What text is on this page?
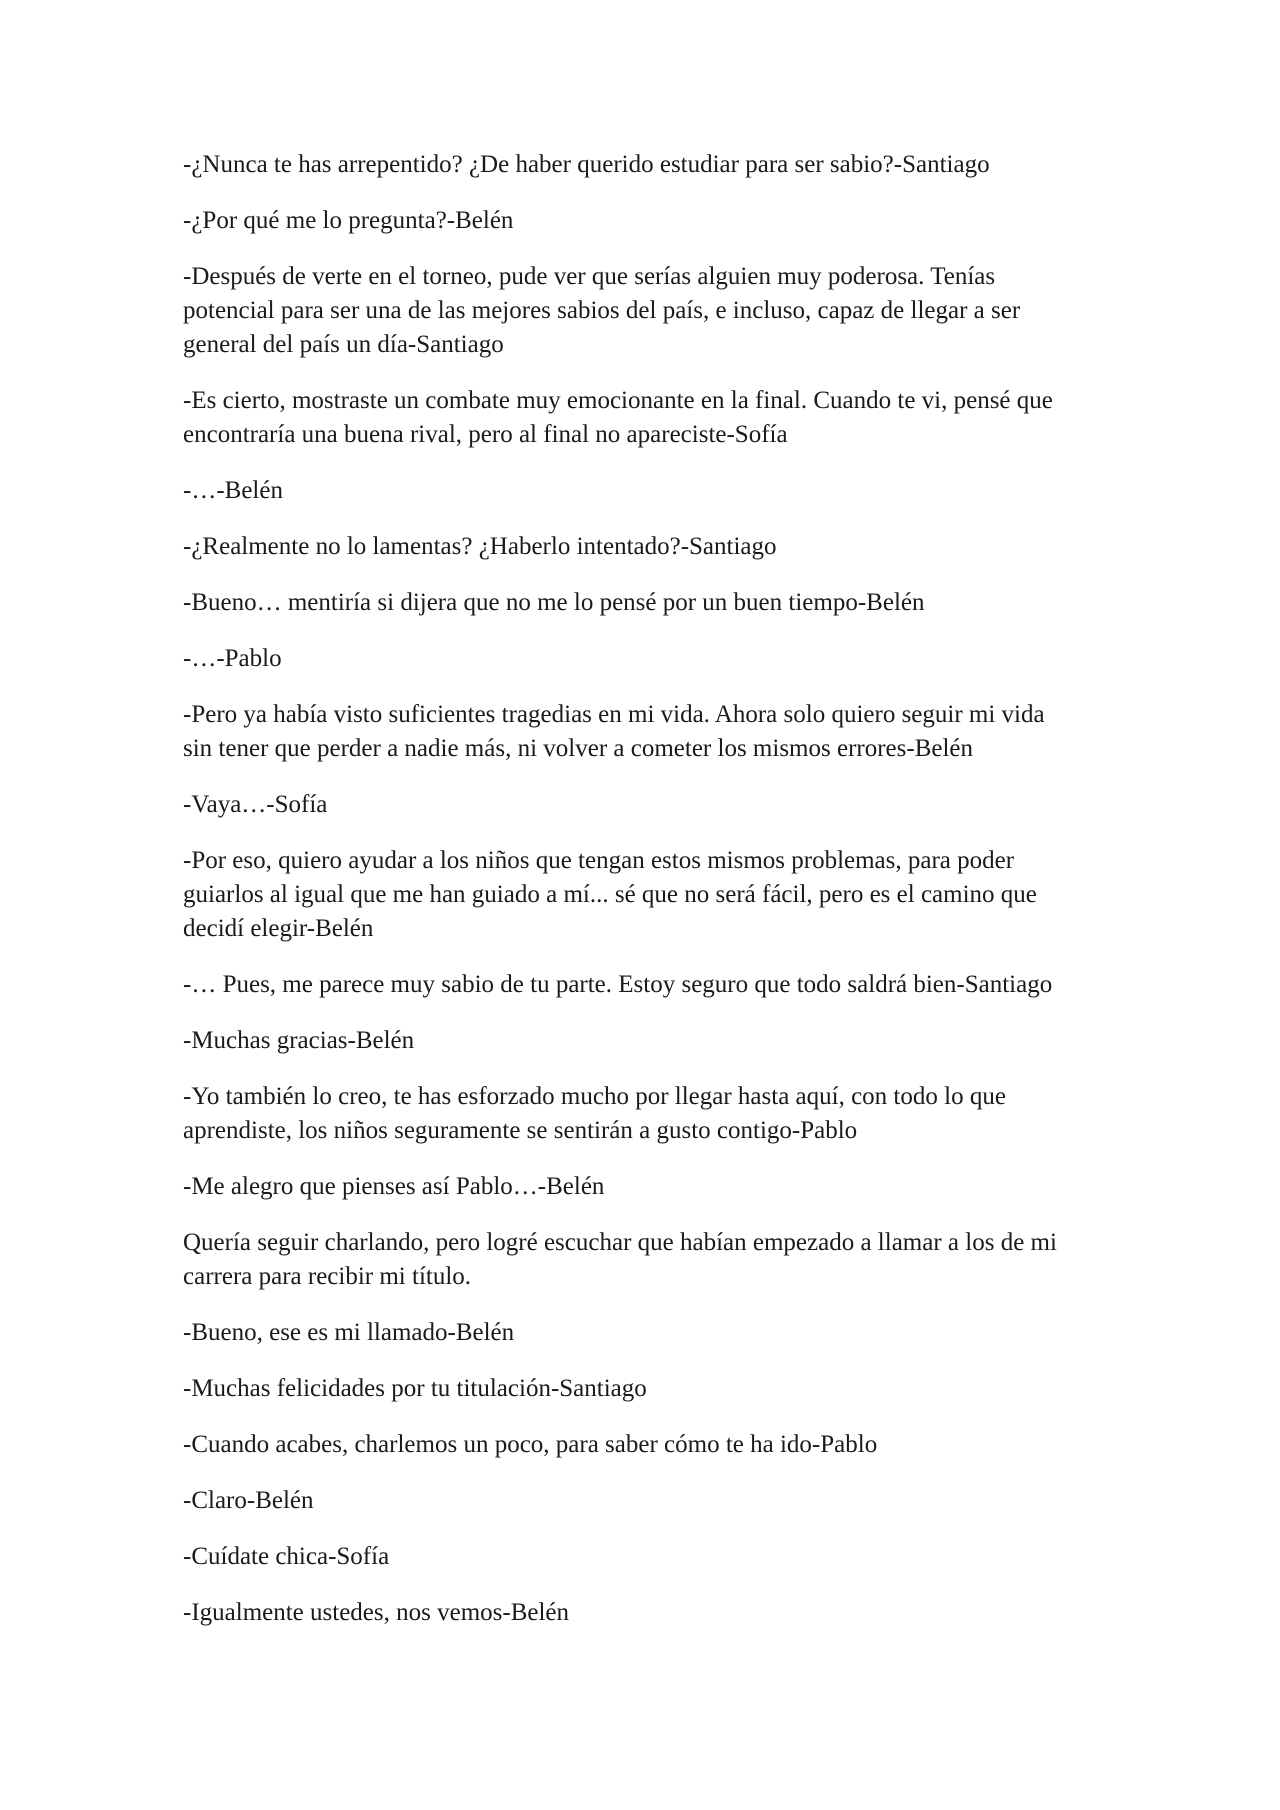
-¿Nunca te has arrepentido? ¿De haber querido estudiar para ser sabio?-Santiago

-¿Por qué me lo pregunta?-Belén

-Después de verte en el torneo, pude ver que serías alguien muy poderosa. Tenías
potencial para ser una de las mejores sabios del país, e incluso, capaz de llegar a ser
general del país un día-Santiago

-Es cierto, mostraste un combate muy emocionante en la final. Cuando te vi, pensé que
encontraría una buena rival, pero al final no apareciste-Sofía

-…-Belén

-¿Realmente no lo lamentas? ¿Haberlo intentado?-Santiago

-Bueno… mentiría si dijera que no me lo pensé por un buen tiempo-Belén

-…-Pablo

-Pero ya había visto suficientes tragedias en mi vida. Ahora solo quiero seguir mi vida
sin tener que perder a nadie más, ni volver a cometer los mismos errores-Belén

-Vaya…-Sofía

-Por eso, quiero ayudar a los niños que tengan estos mismos problemas, para poder
guiarlos al igual que me han guiado a mí... sé que no será fácil, pero es el camino que
decidí elegir-Belén

-… Pues, me parece muy sabio de tu parte. Estoy seguro que todo saldrá bien-Santiago

-Muchas gracias-Belén

-Yo también lo creo, te has esforzado mucho por llegar hasta aquí, con todo lo que
aprendiste, los niños seguramente se sentirán a gusto contigo-Pablo

-Me alegro que pienses así Pablo…-Belén

Quería seguir charlando, pero logré escuchar que habían empezado a llamar a los de mi
carrera para recibir mi título.

-Bueno, ese es mi llamado-Belén

-Muchas felicidades por tu titulación-Santiago

-Cuando acabes, charlemos un poco, para saber cómo te ha ido-Pablo

-Claro-Belén

-Cuídate chica-Sofía

-Igualmente ustedes, nos vemos-Belén
